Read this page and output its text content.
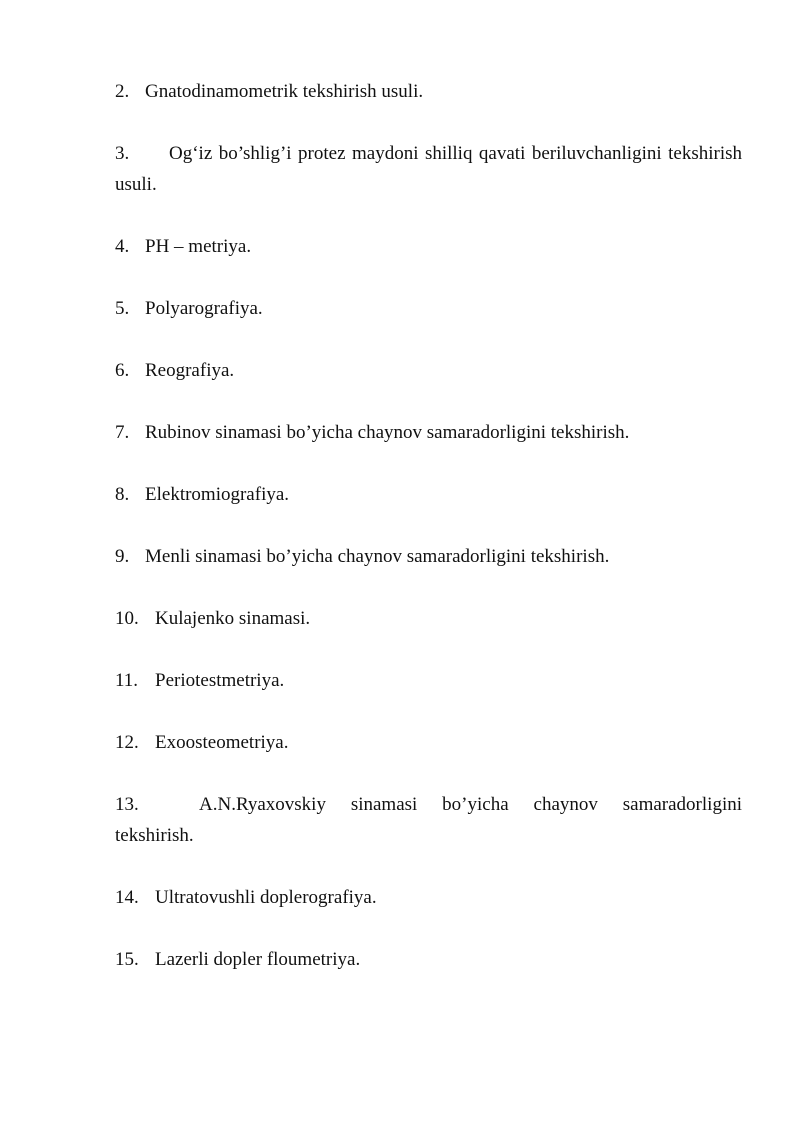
2. Gnatodinamometrik tekshirish usuli.
3. Og‘iz bo’shlig’i protez maydoni shilliq qavati beriluvchanligini tekshirish usuli.
4. PH – metriya.
5. Polyarografiya.
6. Reografiya.
7. Rubinov sinamasi bo’yicha chaynov samaradorligini tekshirish.
8. Elektromiografiya.
9. Menli sinamasi bo’yicha chaynov samaradorligini tekshirish.
10. Kulajenko sinamasi.
11. Periotestmetriya.
12. Exoosteometriya.
13.	A.N.Ryaxovskiy sinamasi bo’yicha chaynov samaradorligini tekshirish.
14. Ultratovushli doplerografiya.
15. Lazerli dopler floumetriya.
